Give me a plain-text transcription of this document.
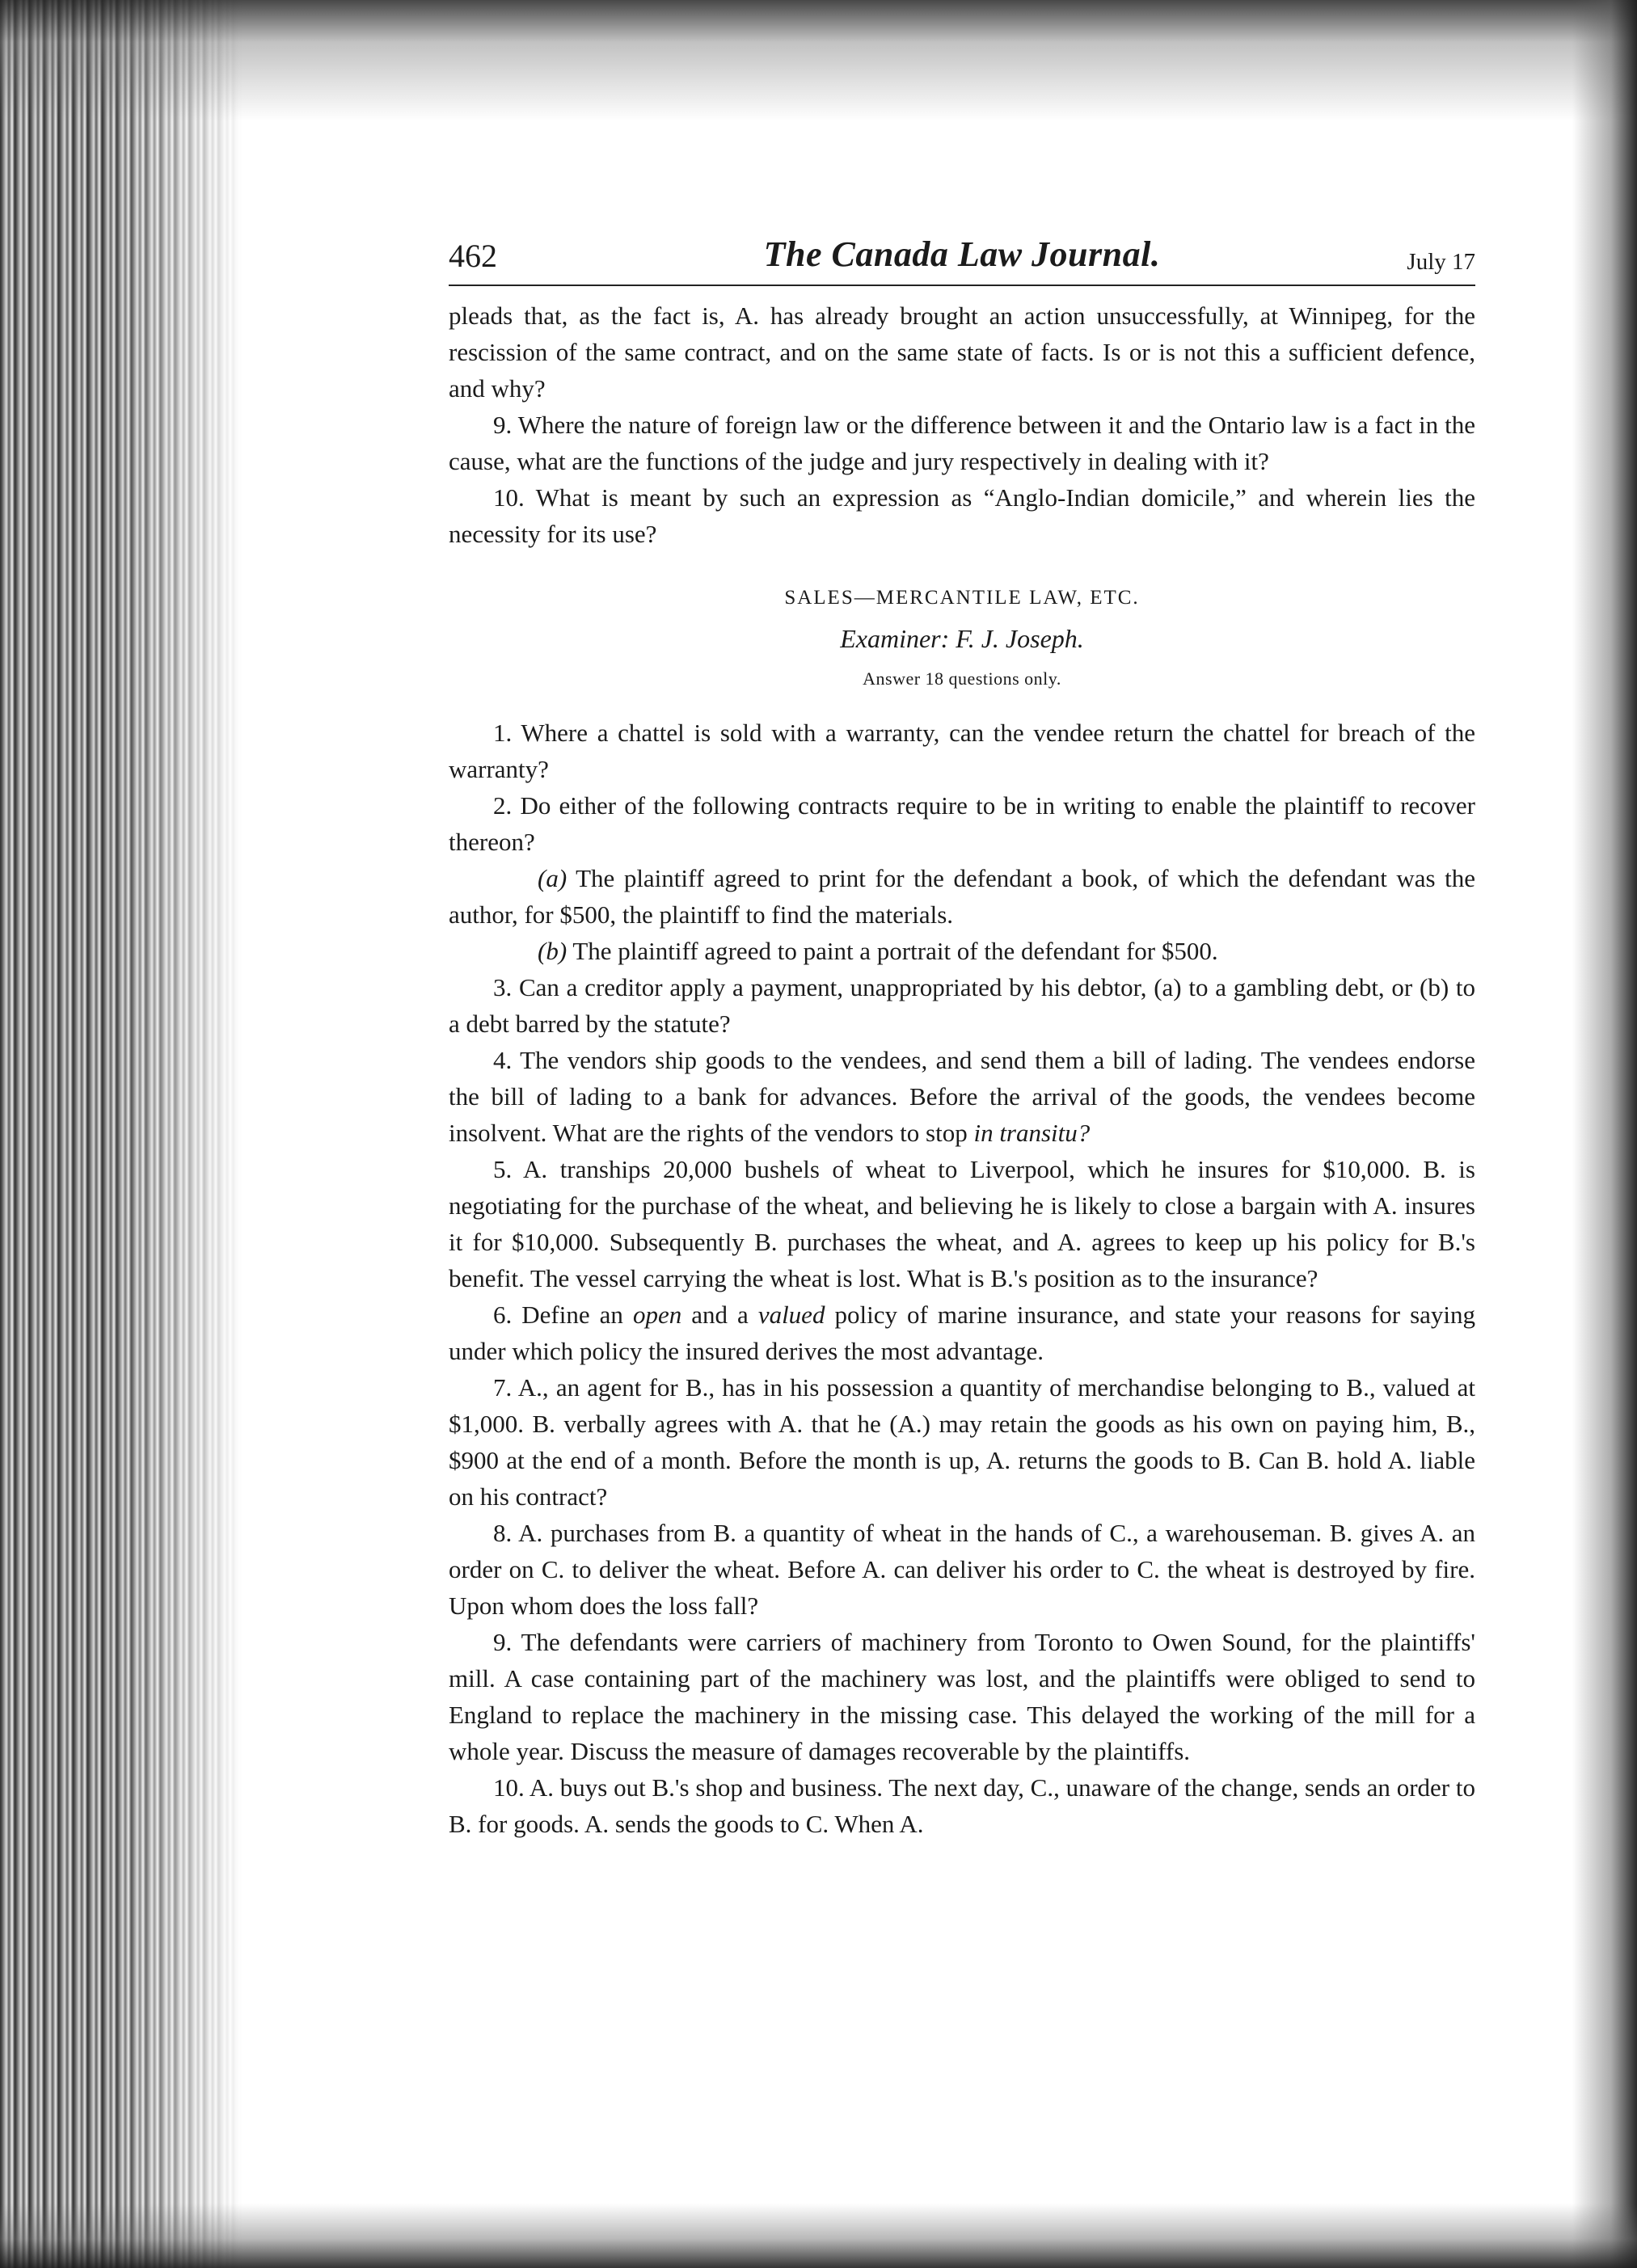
462	The Canada Law Journal.	July 17

pleads that, as the fact is, A. has already brought an action unsuccessfully, at Winnipeg, for the rescission of the same contract, and on the same state of facts. Is or is not this a sufficient defence, and why?

9. Where the nature of foreign law or the difference between it and the Ontario law is a fact in the cause, what are the functions of the judge and jury respectively in dealing with it?

10. What is meant by such an expression as “Anglo-Indian domicile,” and wherein lies the necessity for its use?

SALES—MERCANTILE LAW, ETC.
Examiner: F. J. Joseph.
Answer 18 questions only.

1. Where a chattel is sold with a warranty, can the vendee return the chattel for breach of the warranty?

2. Do either of the following contracts require to be in writing to enable the plaintiff to recover thereon?

(a) The plaintiff agreed to print for the defendant a book, of which the defendant was the author, for $500, the plaintiff to find the materials.

(b) The plaintiff agreed to paint a portrait of the defendant for $500.

3. Can a creditor apply a payment, unappropriated by his debtor, (a) to a gambling debt, or (b) to a debt barred by the statute?

4. The vendors ship goods to the vendees, and send them a bill of lading. The vendees endorse the bill of lading to a bank for advances. Before the arrival of the goods, the vendees become insolvent. What are the rights of the vendors to stop in transitu?

5. A. tranships 20,000 bushels of wheat to Liverpool, which he insures for $10,000. B. is negotiating for the purchase of the wheat, and believing he is likely to close a bargain with A. insures it for $10,000. Subsequently B. purchases the wheat, and A. agrees to keep up his policy for B.'s benefit. The vessel carrying the wheat is lost. What is B.'s position as to the insurance?

6. Define an open and a valued policy of marine insurance, and state your reasons for saying under which policy the insured derives the most advantage.

7. A., an agent for B., has in his possession a quantity of merchandise belonging to B., valued at $1,000. B. verbally agrees with A. that he (A.) may retain the goods as his own on paying him, B., $900 at the end of a month. Before the month is up, A. returns the goods to B. Can B. hold A. liable on his contract?

8. A. purchases from B. a quantity of wheat in the hands of C., a warehouseman. B. gives A. an order on C. to deliver the wheat. Before A. can deliver his order to C. the wheat is destroyed by fire. Upon whom does the loss fall?

9. The defendants were carriers of machinery from Toronto to Owen Sound, for the plaintiffs' mill. A case containing part of the machinery was lost, and the plaintiffs were obliged to send to England to replace the machinery in the missing case. This delayed the working of the mill for a whole year. Discuss the measure of damages recoverable by the plaintiffs.

10. A. buys out B.'s shop and business. The next day, C., unaware of the change, sends an order to B. for goods. A. sends the goods to C. When A.
